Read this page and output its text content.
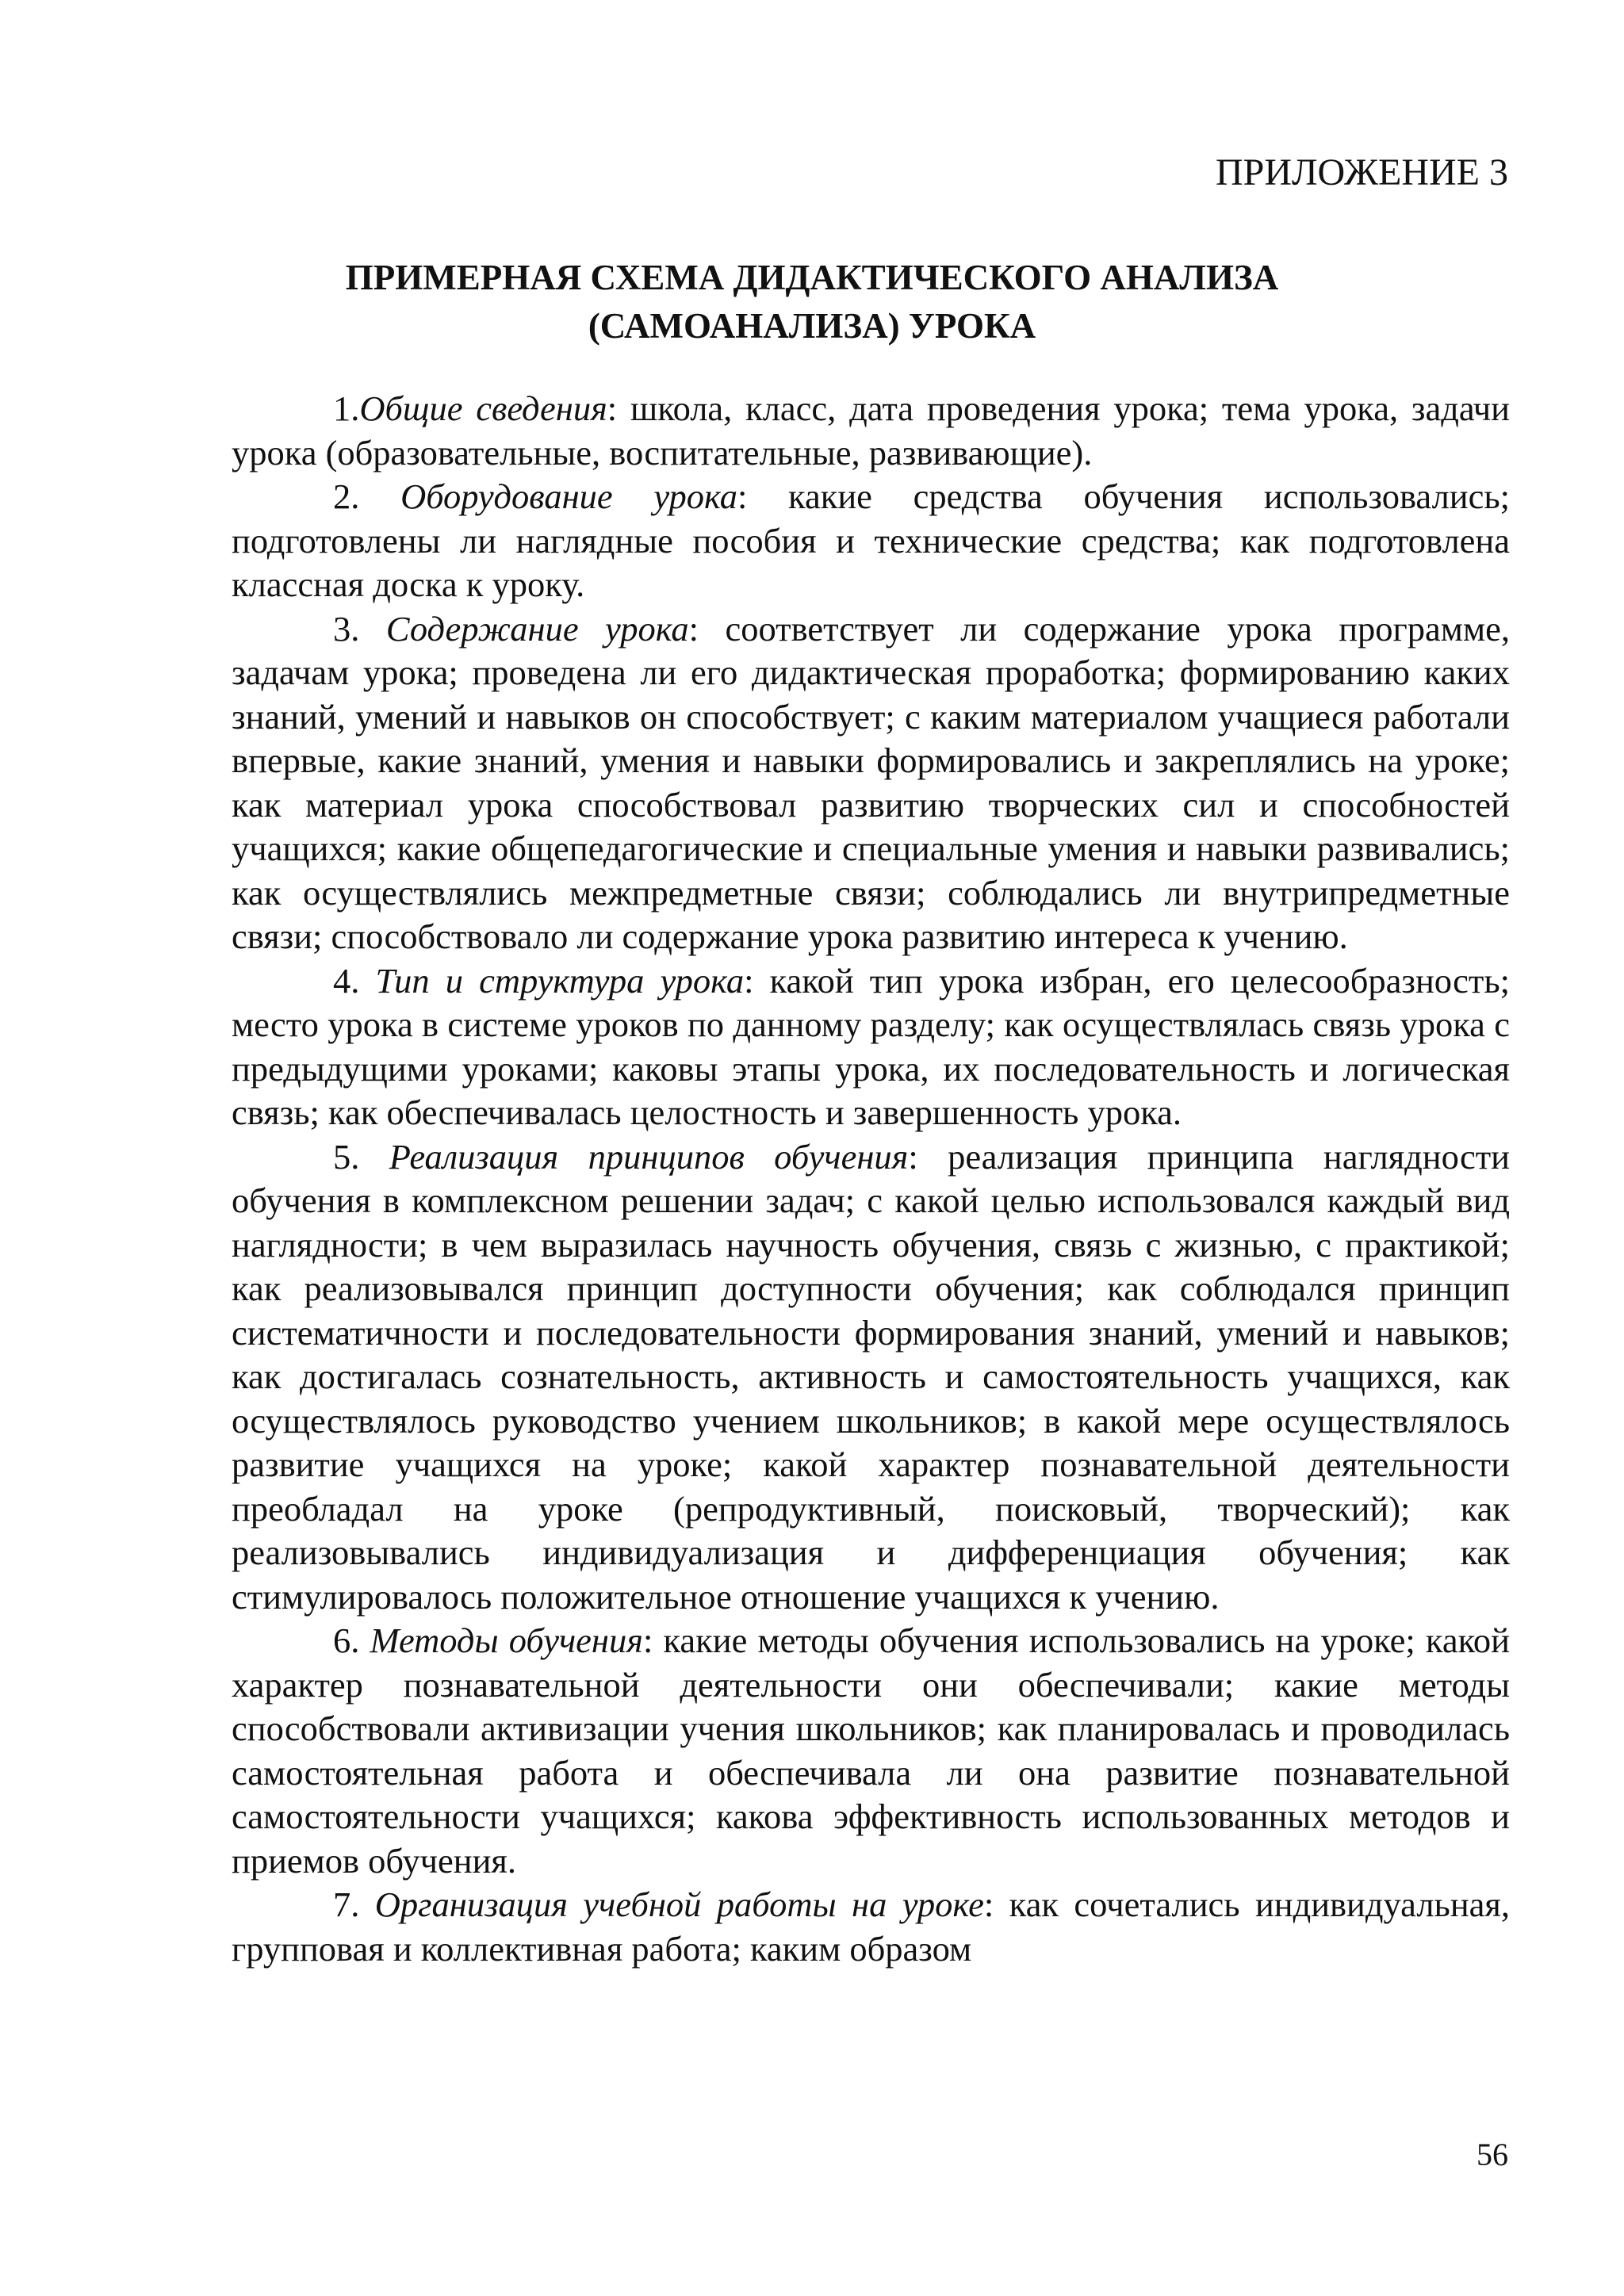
ПРИЛОЖЕНИЕ 3

ПРИМЕРНАЯ СХЕМА ДИДАКТИЧЕСКОГО АНАЛИЗА
(САМОАНАЛИЗА) УРОКА

1.Общие сведения: школа, класс, дата проведения урока; тема урока, задачи урока (образовательные, воспитательные, развивающие).

2. Оборудование урока: какие средства обучения использовались; подготовлены ли наглядные пособия и технические средства; как подготовлена классная доска к уроку.

3. Содержание урока: соответствует ли содержание урока программе, задачам урока; проведена ли его дидактическая проработка; формированию каких знаний, умений и навыков он способствует; с каким материалом учащиеся работали впервые, какие знаний, умения и навыки формировались и закреплялись на уроке; как материал урока способствовал развитию творческих сил и способностей учащихся; какие общепедагогические и специальные умения и навыки развивались; как осуществлялись межпредметные связи; соблюдались ли внутрипредметные связи; способствовало ли содержание урока развитию интереса к учению.

4. Тип и структура урока: какой тип урока избран, его целесообразность; место урока в системе уроков по данному разделу; как осуществлялась связь урока с предыдущими уроками; каковы этапы урока, их последовательность и логическая связь; как обеспечивалась целостность и завершенность урока.

5. Реализация принципов обучения: реализация принципа наглядности обучения в комплексном решении задач; с какой целью использовался каждый вид наглядности; в чем выразилась научность обучения, связь с жизнью, с практикой; как реализовывался принцип доступности обучения; как соблюдался принцип систематичности и последовательности формирования знаний, умений и навыков; как достигалась сознательность, активность и самостоятельность учащихся, как осуществлялось руководство учением школьников; в какой мере осуществлялось развитие учащихся на уроке; какой характер познавательной деятельности преобладал на уроке (репродуктивный, поисковый, творческий); как реализовывались индивидуализация и дифференциация обучения; как стимулировалось положительное отношение учащихся к учению.

6. Методы обучения: какие методы обучения использовались на уроке; какой характер познавательной деятельности они обеспечивали; какие методы способствовали активизации учения школьников; как планировалась и проводилась самостоятельная работа и обеспечивала ли она развитие познавательной самостоятельности учащихся; какова эффективность использованных методов и приемов обучения.

7. Организация учебной работы на уроке: как сочетались индивидуальная, групповая и коллективная работа; каким образом

56
